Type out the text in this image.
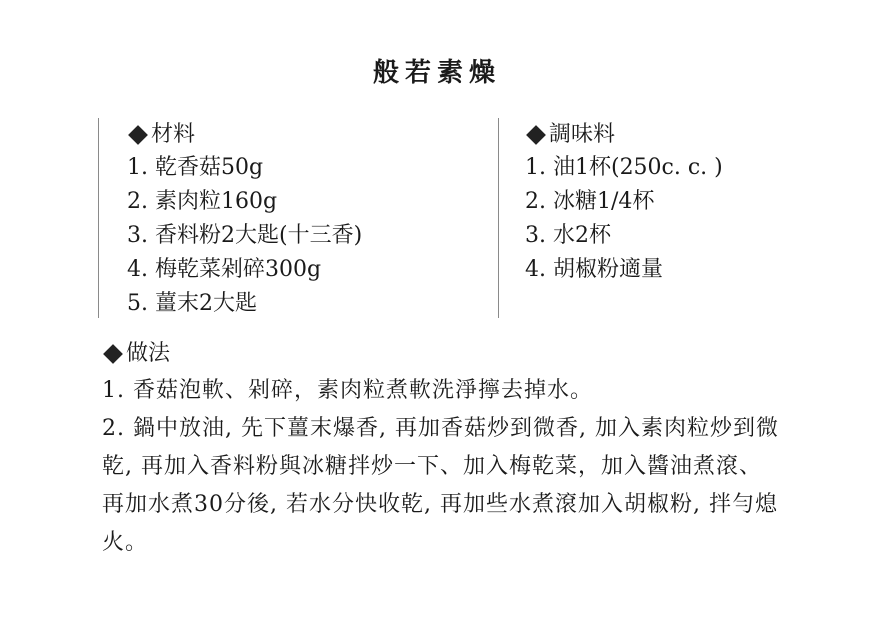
般若素燥
材料
1. 乾香菇50g
2. 素肉粒160g
3. 香料粉2大匙(十三香)
4. 梅乾菜剁碎300g
5. 薑末2大匙
調味料
1. 油1杯(250c. c. )
2. 冰糖1/4杯
3. 水2杯
4. 胡椒粉適量
做法
1. 香菇泡軟、剁碎，素肉粒煮軟洗淨擰去掉水。
2. 鍋中放油, 先下薑末爆香, 再加香菇炒到微香, 加入素肉粒炒到微乾, 再加入香料粉與冰糖拌炒一下、加入梅乾菜，加入醬油煮滾、再加水煮30分後, 若水分快收乾, 再加些水煮滾加入胡椒粉, 拌勻熄火。
